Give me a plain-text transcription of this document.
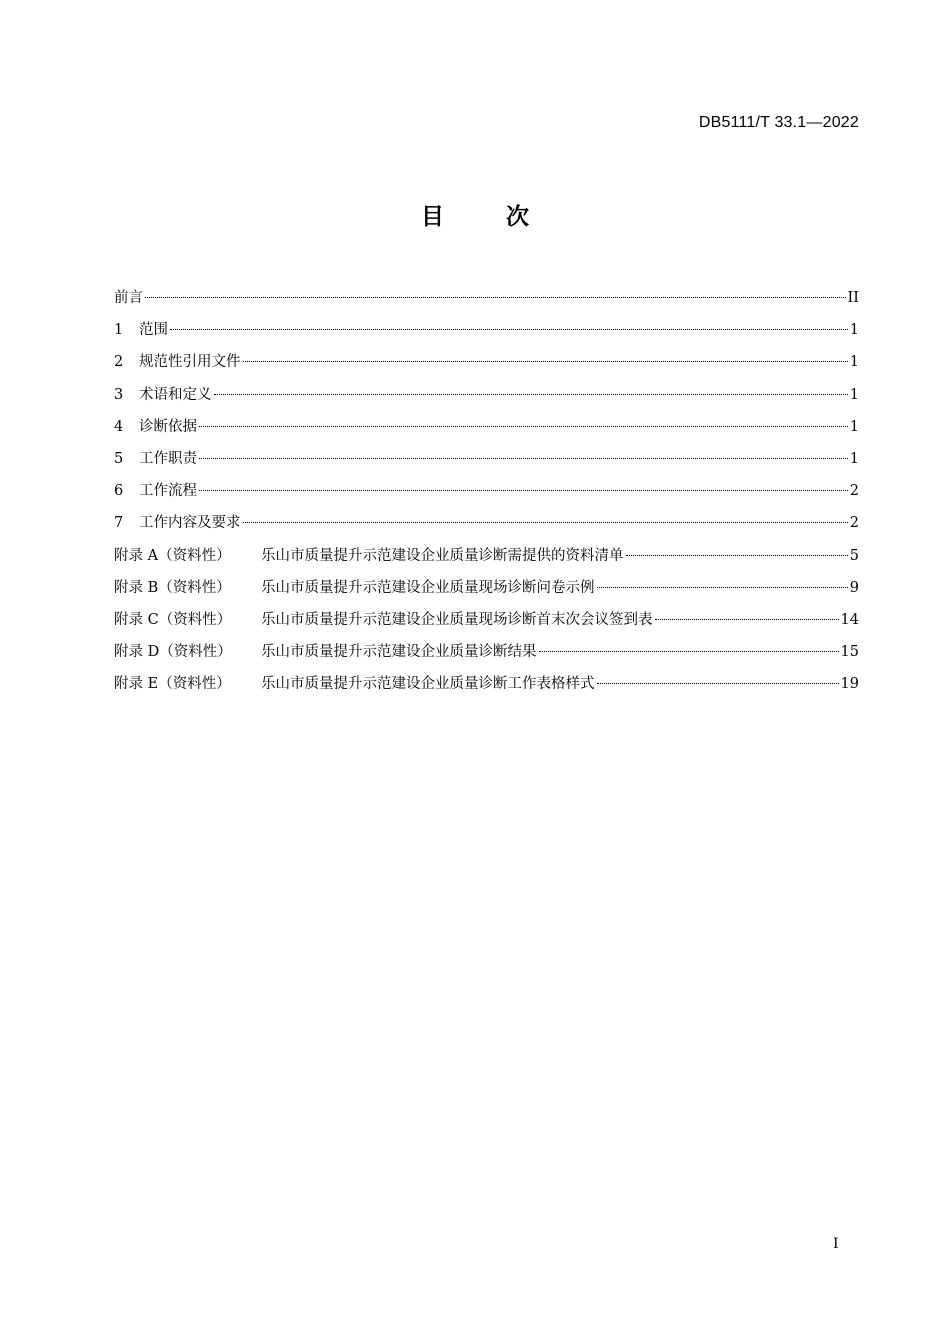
DB5111/T 33.1—2022
目次
前言	II
1	范围	1
2	规范性引用文件	1
3	术语和定义	1
4	诊断依据	1
5	工作职责	1
6	工作流程	2
7	工作内容及要求	2
附录 A（资料性）	乐山市质量提升示范建设企业质量诊断需提供的资料清单	5
附录 B（资料性）	乐山市质量提升示范建设企业质量现场诊断问卷示例	9
附录 C（资料性）	乐山市质量提升示范建设企业质量现场诊断首末次会议签到表	14
附录 D（资料性）	乐山市质量提升示范建设企业质量诊断结果	15
附录 E（资料性）	乐山市质量提升示范建设企业质量诊断工作表格样式	19
I
